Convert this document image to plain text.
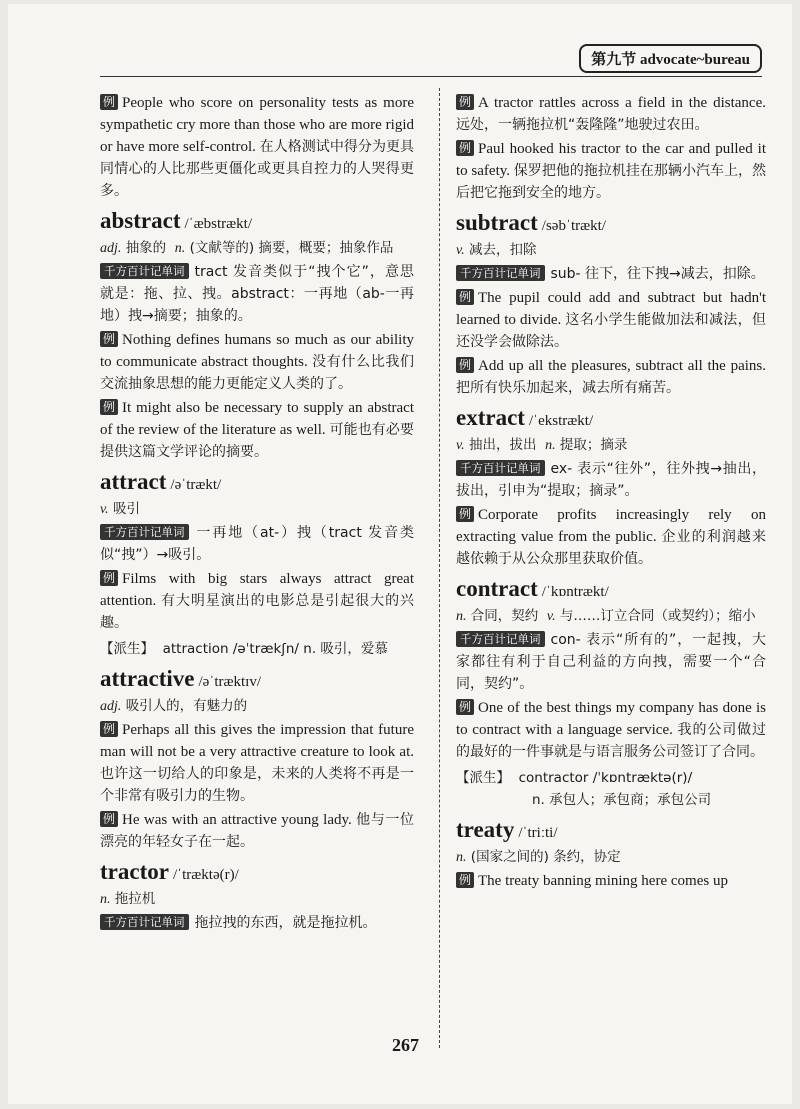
第九节 advocate~bureau

例 People who score on personality tests as more sympathetic cry more than those who are more rigid or have more self-control. 在人格测试中得分为更具同情心的人比那些更僵化或更具自控力的人哭得更多。

abstract /ˈæbstrækt/
adj. 抽象的 n. (文献等的) 摘要，概要；抽象作品

千方百计记单词 tract 发音类似于“拽个它”，意思就是：拖、拉、拽。abstract：一再地（ab-一再地）拽→摘要；抽象的。

例 Nothing defines humans so much as our ability to communicate abstract thoughts. 没有什么比我们交流抽象思想的能力更能定义人类的了。

例 It might also be necessary to supply an abstract of the review of the literature as well. 可能也有必要提供这篇文学评论的摘要。

attract /əˈtrækt/
v. 吸引

千方百计记单词 一再地（at-）拽（tract 发音类似“拽”）→吸引。

例 Films with big stars always attract great attention. 有大明星演出的电影总是引起很大的兴趣。

【派生】 attraction /əˈtrækʃn/ n. 吸引，爱慕
attractive /əˈtræktɪv/
adj. 吸引人的，有魅力的

例 Perhaps all this gives the impression that future man will not be a very attractive creature to look at. 也许这一切给人的印象是，未来的人类将不再是一个非常有吸引力的生物。

例 He was with an attractive young lady. 他与一位漂亮的年轻女子在一起。

tractor /ˈtræktə(r)/
n. 拖拉机

千方百计记单词 拖拉拽的东西，就是拖拉机。

例 A tractor rattles across a field in the distance. 远处，一辆拖拉机“轰隆隆”地驶过农田。

例 Paul hooked his tractor to the car and pulled it to safety. 保罗把他的拖拉机挂在那辆小汽车上，然后把它拖到安全的地方。

subtract /səbˈtrækt/
v. 减去，扣除

千方百计记单词 sub- 往下，往下拽→减去，扣除。

例 The pupil could add and subtract but hadn't learned to divide. 这名小学生能做加法和减法，但还没学会做除法。

例 Add up all the pleasures, subtract all the pains. 把所有快乐加起来，减去所有痛苦。

extract /ˈekstrækt/
v. 抽出，拔出 n. 提取；摘录

千方百计记单词 ex- 表示“往外”，往外拽→抽出，拔出，引申为“提取；摘录”。

例 Corporate profits increasingly rely on extracting value from the public. 企业的利润越来越依赖于从公众那里获取价值。

contract /ˈkɒntrækt/
n. 合同，契约 v. 与……订立合同（或契约）；缩小

千方百计记单词 con- 表示“所有的”，一起拽，大家都往有利于自己利益的方向拽，需要一个“合同，契约”。

例 One of the best things my company has done is to contract with a language service. 我的公司做过的最好的一件事就是与语言服务公司签订了合同。

【派生】 contractor /ˈkɒntræktə(r)/
n. 承包人；承包商；承包公司
treaty /ˈtriːti/
n. (国家之间的) 条约，协定

例 The treaty banning mining here comes up

267
